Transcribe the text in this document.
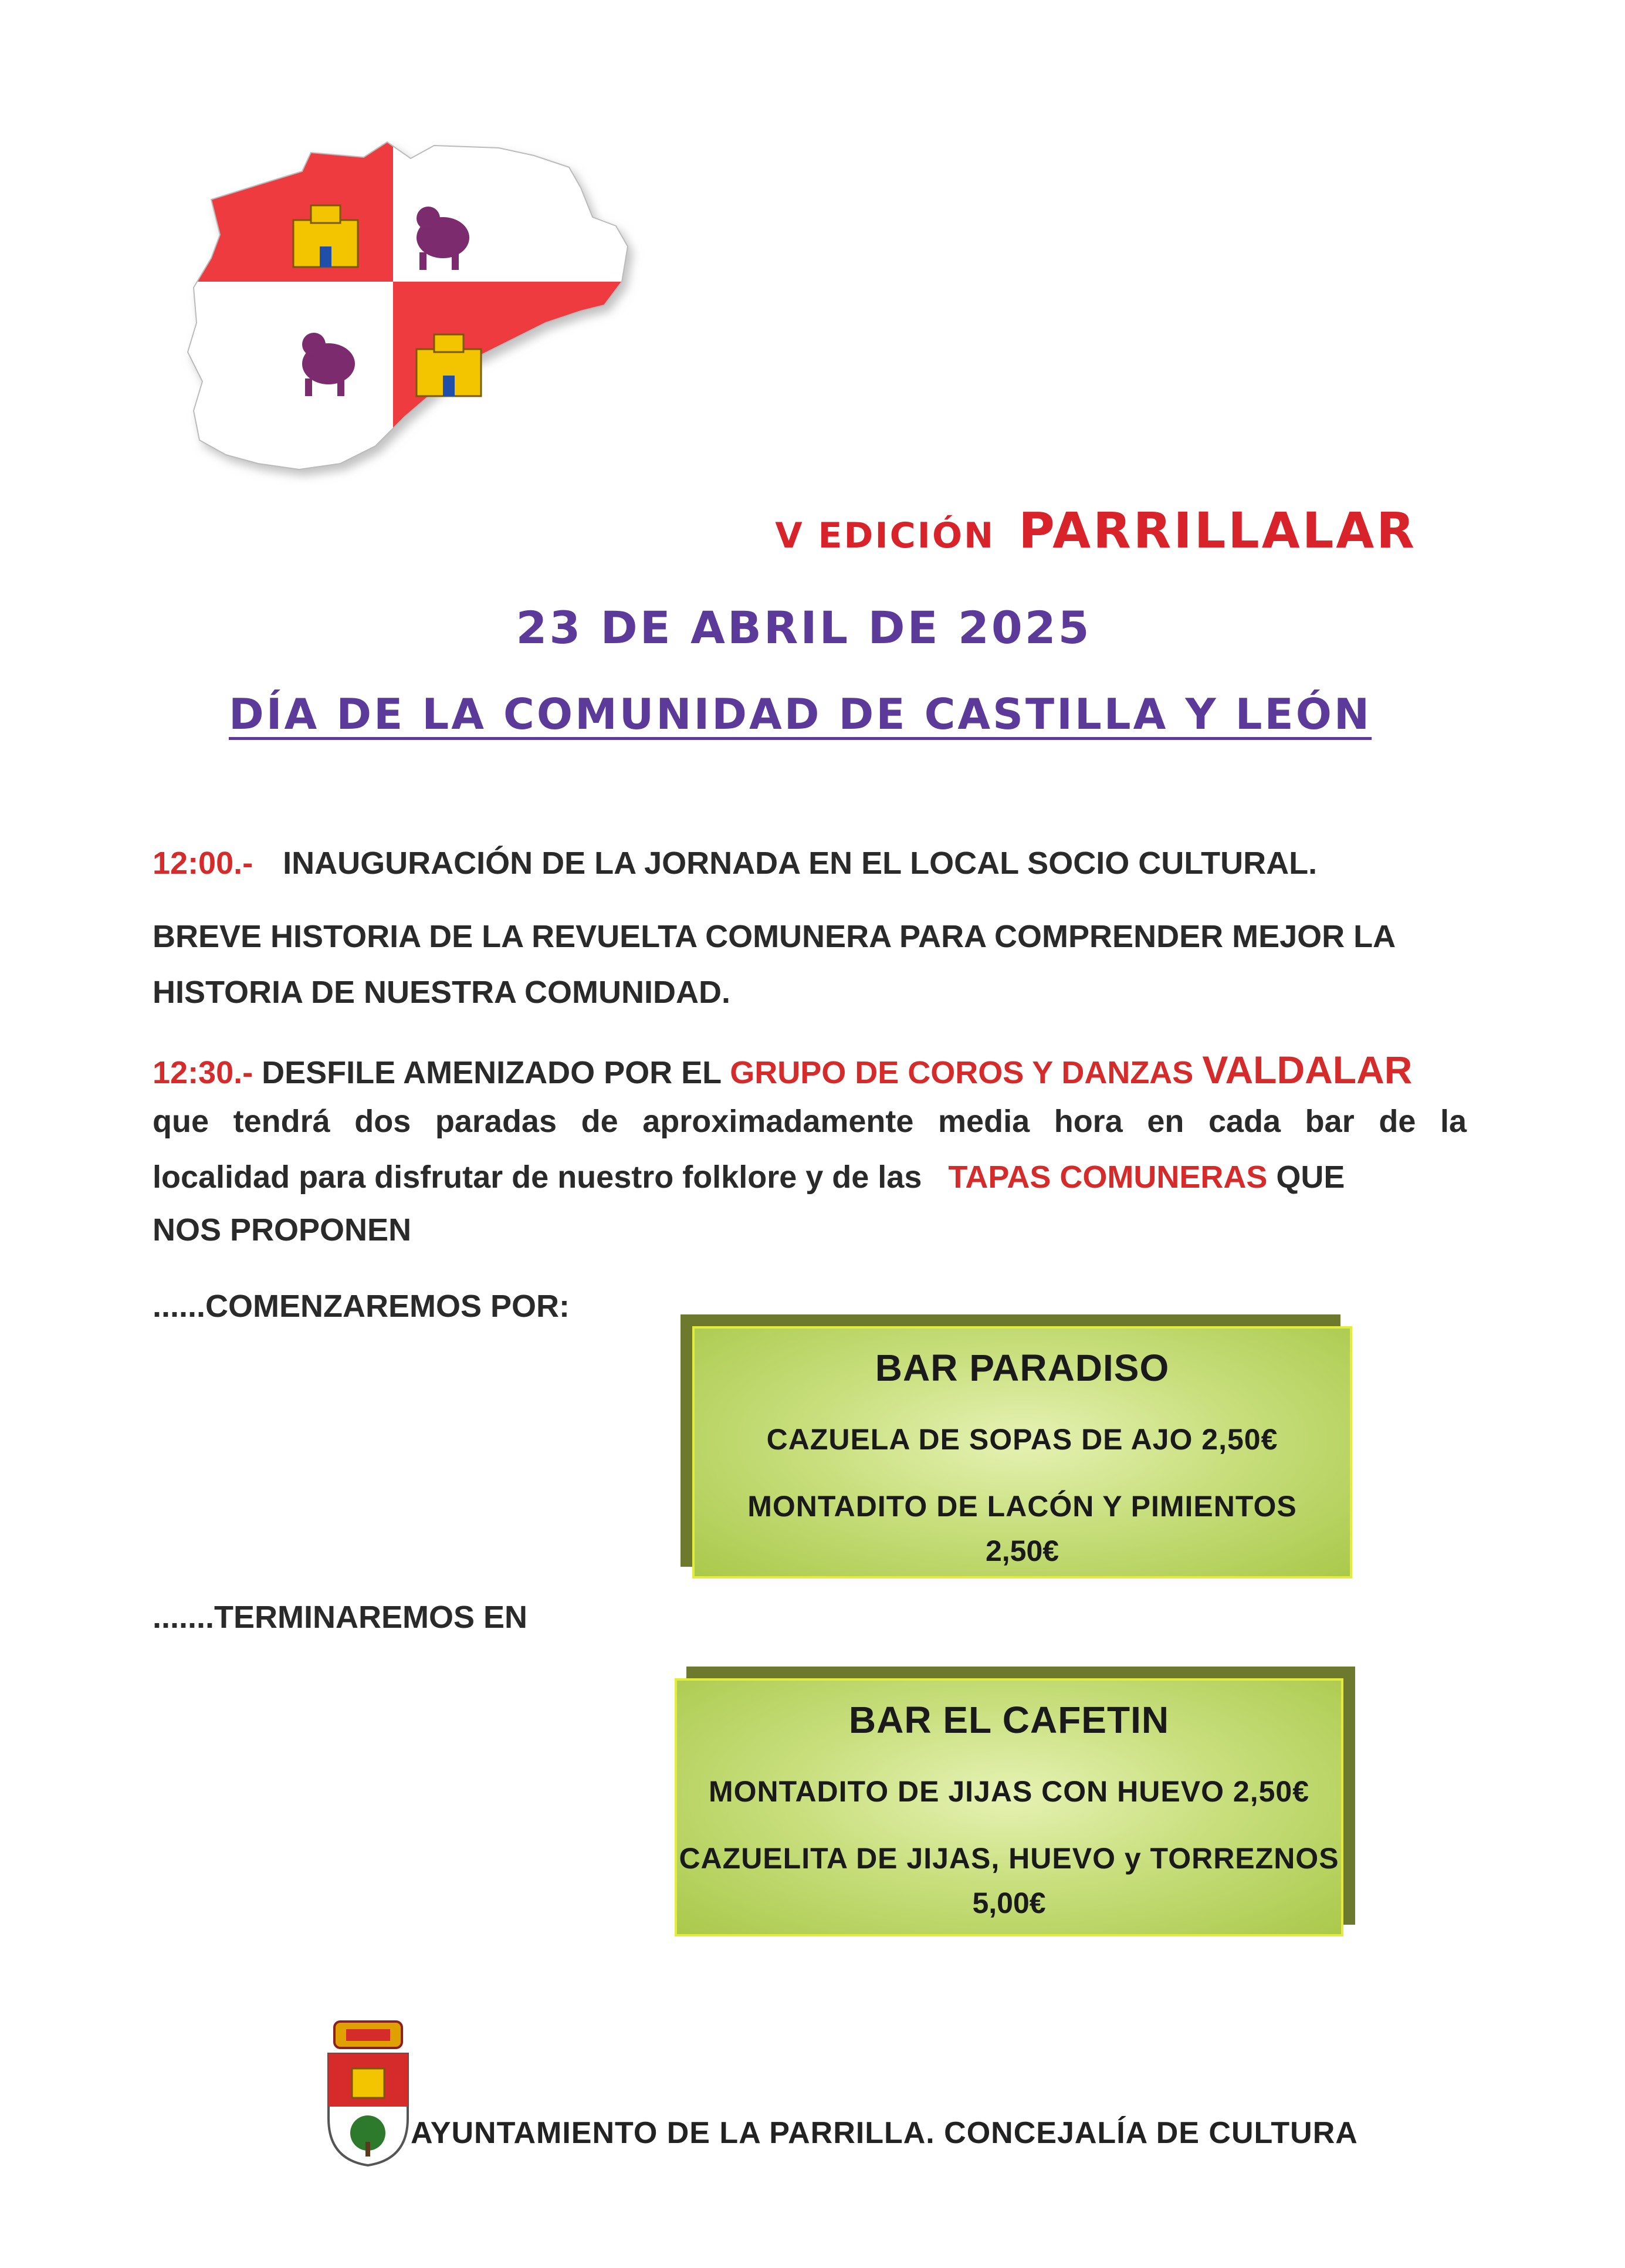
V EDICIÓN PARRILLALAR
23 DE ABRIL DE 2025
DÍA DE LA COMUNIDAD DE CASTILLA Y LEÓN
12:00.- INAUGURACIÓN DE LA JORNADA EN EL LOCAL SOCIO CULTURAL.
BREVE HISTORIA DE LA REVUELTA COMUNERA PARA COMPRENDER MEJOR LA
HISTORIA DE NUESTRA COMUNIDAD.
12:30.- DESFILE AMENIZADO POR EL GRUPO DE COROS Y DANZAS VALDALAR
que tendrá dos paradas de aproximadamente media hora en cada bar de la
localidad para disfrutar de nuestro folklore y de las TAPAS COMUNERAS QUE
NOS PROPONEN
......COMENZAREMOS POR:
BAR PARADISO
CAZUELA DE SOPAS DE AJO 2,50€
MONTADITO DE LACÓN Y PIMIENTOS
2,50€
.......TERMINAREMOS EN
BAR EL CAFETIN
MONTADITO DE JIJAS CON HUEVO 2,50€
CAZUELITA DE JIJAS, HUEVO y TORREZNOS
5,00€
AYUNTAMIENTO DE LA PARRILLA. CONCEJALÍA DE CULTURA
